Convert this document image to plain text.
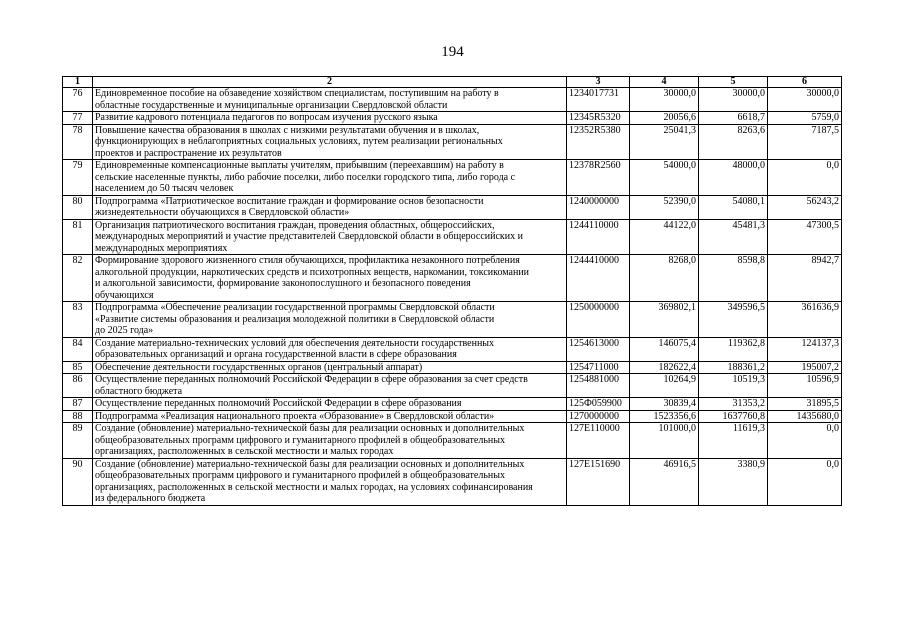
194
1	2	3	4	5	6
76	Единовременное пособие на обзаведение хозяйством специалистам, поступившим на работу в
областные государственные и муниципальные организации Свердловской области	1234017731	30000,0	30000,0	30000,0
77	Развитие кадрового потенциала педагогов по вопросам изучения русского языка	12345R5320	20056,6	6618,7	5759,0
78	Повышение качества образования в школах с низкими результатами обучения и в школах,
функционирующих в неблагоприятных социальных условиях, путем реализации региональных
проектов и распространение их результатов	12352R5380	25041,3	8263,6	7187,5
79	Единовременные компенсационные выплаты учителям, прибывшим (переехавшим) на работу в
сельские населенные пункты, либо рабочие поселки, либо поселки городского типа, либо города с
населением до 50 тысяч человек	12378R2560	54000,0	48000,0	0,0
80	Подпрограмма «Патриотическое воспитание граждан и формирование основ безопасности
жизнедеятельности обучающихся в Свердловской области»	1240000000	52390,0	54080,1	56243,2
81	Организация патриотического воспитания граждан, проведения областных, общероссийских,
международных мероприятий и участие представителей Свердловской области в общероссийских и
международных мероприятиях	1244110000	44122,0	45481,3	47300,5
82	Формирование здорового жизненного стиля обучающихся, профилактика незаконного потребления
алкогольной продукции, наркотических средств и психотропных веществ, наркомании, токсикомании
и алкогольной зависимости, формирование законопослушного и безопасного поведения
обучающихся	1244410000	8268,0	8598,8	8942,7
83	Подпрограмма «Обеспечение реализации государственной программы Свердловской области
«Развитие системы образования и реализация молодежной политики в Свердловской области
до 2025 года»	1250000000	369802,1	349596,5	361636,9
84	Создание материально-технических условий для обеспечения деятельности государственных
образовательных организаций и органа государственной власти в сфере образования	1254613000	146075,4	119362,8	124137,3
85	Обеспечение деятельности государственных органов (центральный аппарат)	1254711000	182622,4	188361,2	195007,2
86	Осуществление переданных полномочий Российской Федерации в сфере образования за счет средств
областного бюджета	1254881000	10264,9	10519,3	10596,9
87	Осуществление переданных полномочий Российской Федерации в сфере образования	125Ф059900	30839,4	31353,2	31895,5
88	Подпрограмма «Реализация национального проекта «Образование» в Свердловской области»	1270000000	1523356,6	1637760,8	1435680,0
89	Создание (обновление) материально-технической базы для реализации основных и дополнительных
общеобразовательных программ цифрового и гуманитарного профилей в общеобразовательных
организациях, расположенных в сельской местности и малых городах	127Е110000	101000,0	11619,3	0,0
90	Создание (обновление) материально-технической базы для реализации основных и дополнительных
общеобразовательных программ цифрового и гуманитарного профилей в общеобразовательных
организациях, расположенных в сельской местности и малых городах, на условиях софинансирования
из федерального бюджета	127Е151690	46916,5	3380,9	0,0
